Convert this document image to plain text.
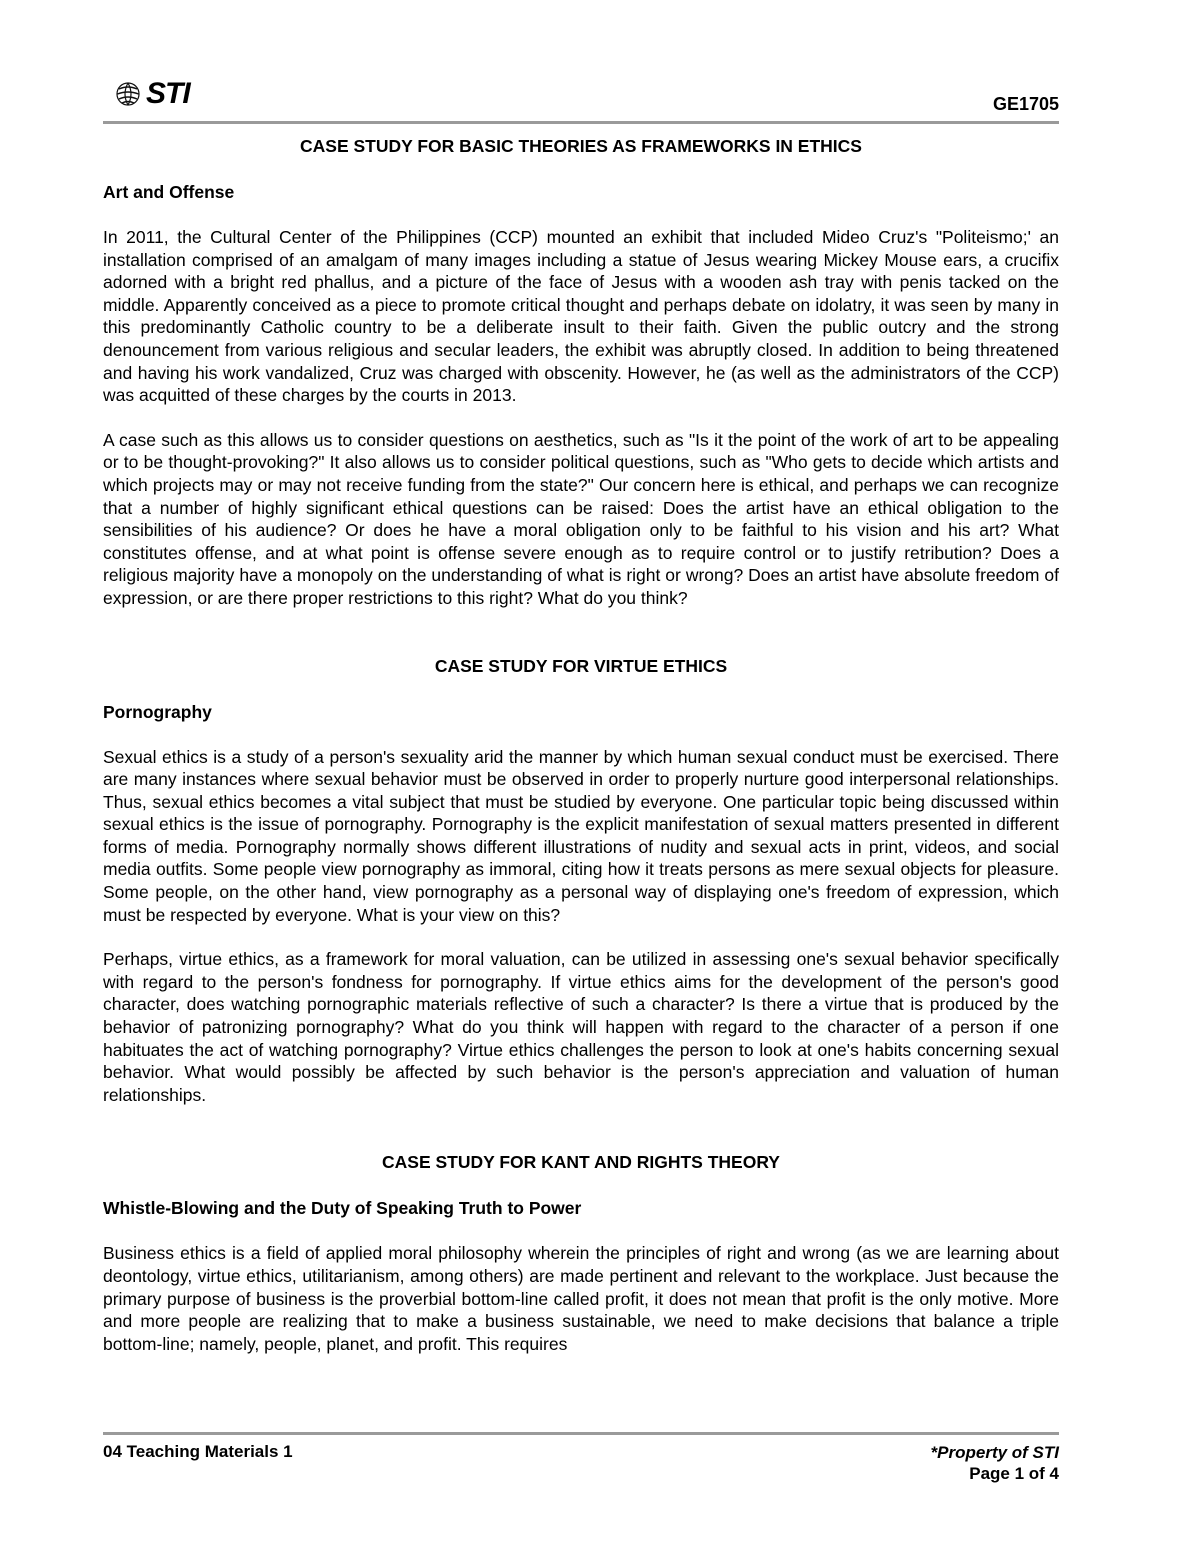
STI	GE1705
CASE STUDY FOR BASIC THEORIES AS FRAMEWORKS IN ETHICS
Art and Offense

In 2011, the Cultural Center of the Philippines (CCP) mounted an exhibit that included Mideo Cruz's "Politeismo;' an installation comprised of an amalgam of many images including a statue of Jesus wearing Mickey Mouse ears, a crucifix adorned with a bright red phallus, and a picture of the face of Jesus with a wooden ash tray with penis tacked on the middle. Apparently conceived as a piece to promote critical thought and perhaps debate on idolatry, it was seen by many in this predominantly Catholic country to be a deliberate insult to their faith. Given the public outcry and the strong denouncement from various religious and secular leaders, the exhibit was abruptly closed. In addition to being threatened and having his work vandalized, Cruz was charged with obscenity. However, he (as well as the administrators of the CCP) was acquitted of these charges by the courts in 2013.

A case such as this allows us to consider questions on aesthetics, such as "Is it the point of the work of art to be appealing or to be thought-provoking?" It also allows us to consider political questions, such as "Who gets to decide which artists and which projects may or may not receive funding from the state?" Our concern here is ethical, and perhaps we can recognize that a number of highly significant ethical questions can be raised: Does the artist have an ethical obligation to the sensibilities of his audience? Or does he have a moral obligation only to be faithful to his vision and his art? What constitutes offense, and at what point is offense severe enough as to require control or to justify retribution? Does a religious majority have a monopoly on the understanding of what is right or wrong? Does an artist have absolute freedom of expression, or are there proper restrictions to this right? What do you think?

CASE STUDY FOR VIRTUE ETHICS
Pornography

Sexual ethics is a study of a person's sexuality arid the manner by which human sexual conduct must be exercised. There are many instances where sexual behavior must be observed in order to properly nurture good interpersonal relationships. Thus, sexual ethics becomes a vital subject that must be studied by everyone. One particular topic being discussed within sexual ethics is the issue of pornography. Pornography is the explicit manifestation of sexual matters presented in different forms of media. Pornography normally shows different illustrations of nudity and sexual acts in print, videos, and social media outfits. Some people view pornography as immoral, citing how it treats persons as mere sexual objects for pleasure. Some people, on the other hand, view pornography as a personal way of displaying one's freedom of expression, which must be respected by everyone. What is your view on this?

Perhaps, virtue ethics, as a framework for moral valuation, can be utilized in assessing one's sexual behavior specifically with regard to the person's fondness for pornography. If virtue ethics aims for the development of the person's good character, does watching pornographic materials reflective of such a character? Is there a virtue that is produced by the behavior of patronizing pornography? What do you think will happen with regard to the character of a person if one habituates the act of watching pornography? Virtue ethics challenges the person to look at one's habits concerning sexual behavior. What would possibly be affected by such behavior is the person's appreciation and valuation of human relationships.

CASE STUDY FOR KANT AND RIGHTS THEORY
Whistle-Blowing and the Duty of Speaking Truth to Power

Business ethics is a field of applied moral philosophy wherein the principles of right and wrong (as we are learning about deontology, virtue ethics, utilitarianism, among others) are made pertinent and relevant to the workplace. Just because the primary purpose of business is the proverbial bottom-line called profit, it does not mean that profit is the only motive. More and more people are realizing that to make a business sustainable, we need to make decisions that balance a triple bottom-line; namely, people, planet, and profit. This requires

04 Teaching Materials 1	*Property of STI
Page 1 of 4
